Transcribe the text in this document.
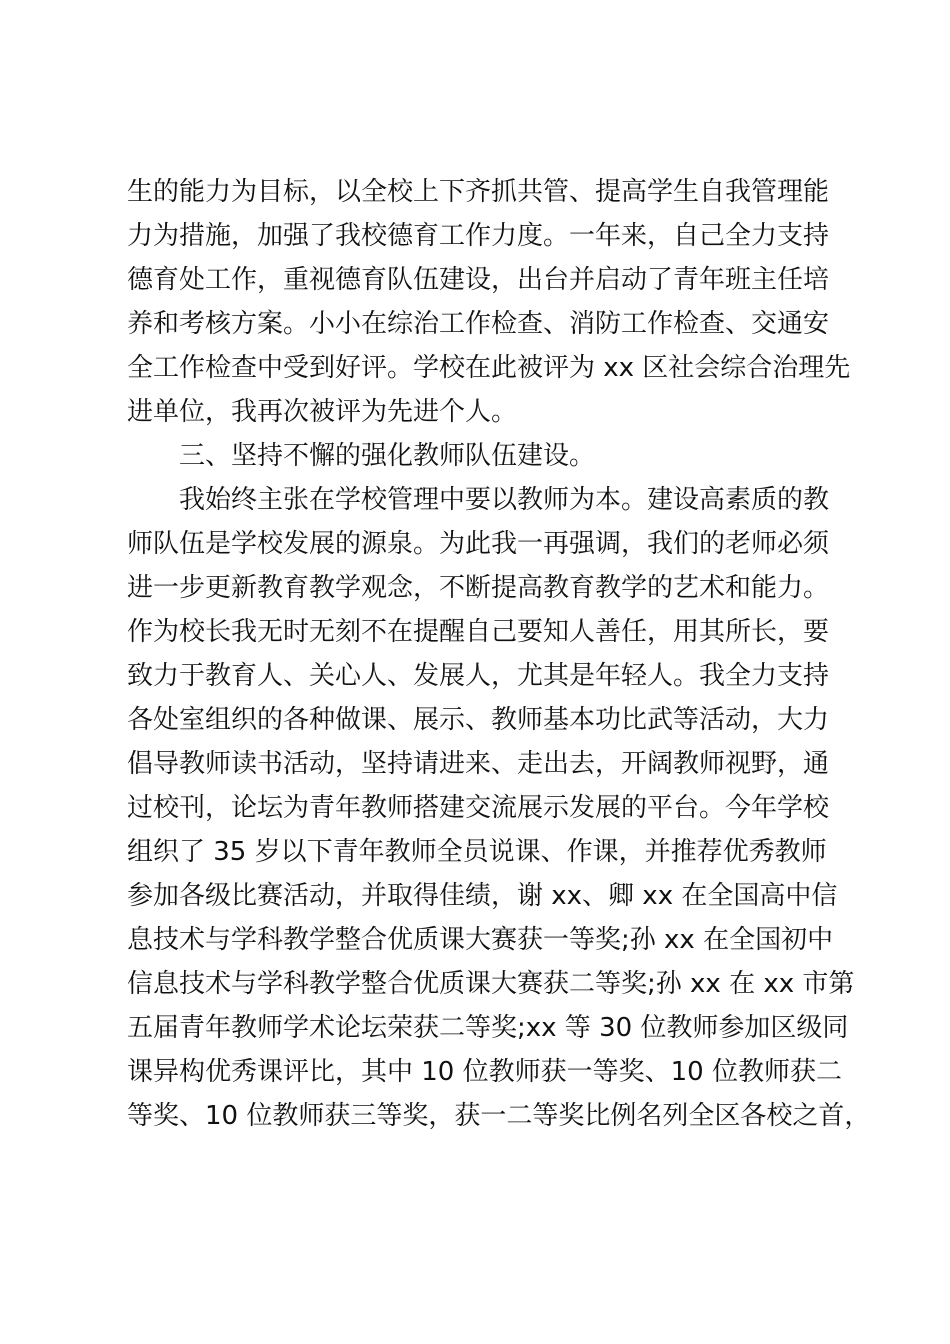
生的能力为目标，以全校上下齐抓共管、提高学生自我管理能

力为措施，加强了我校德育工作力度。一年来，自己全力支持

德育处工作，重视德育队伍建设，出台并启动了青年班主任培

养和考核方案。小小在综治工作检查、消防工作检查、交通安

全工作检查中受到好评。学校在此被评为 xx 区社会综合治理先

进单位，我再次被评为先进个人。

三、坚持不懈的强化教师队伍建设。

我始终主张在学校管理中要以教师为本。建设高素质的教

师队伍是学校发展的源泉。为此我一再强调，我们的老师必须

进一步更新教育教学观念，不断提高教育教学的艺术和能力。

作为校长我无时无刻不在提醒自己要知人善任，用其所长，要

致力于教育人、关心人、发展人，尤其是年轻人。我全力支持

各处室组织的各种做课、展示、教师基本功比武等活动，大力

倡导教师读书活动，坚持请进来、走出去，开阔教师视野，通

过校刊，论坛为青年教师搭建交流展示发展的平台。今年学校

组织了 35 岁以下青年教师全员说课、作课，并推荐优秀教师

参加各级比赛活动，并取得佳绩，谢 xx、卿 xx 在全国高中信

息技术与学科教学整合优质课大赛获一等奖;孙 xx 在全国初中

信息技术与学科教学整合优质课大赛获二等奖;孙 xx 在 xx 市第

五届青年教师学术论坛荣获二等奖;xx 等 30 位教师参加区级同

课异构优秀课评比，其中 10 位教师获一等奖、10 位教师获二

等奖、10 位教师获三等奖，获一二等奖比例名列全区各校之首，
